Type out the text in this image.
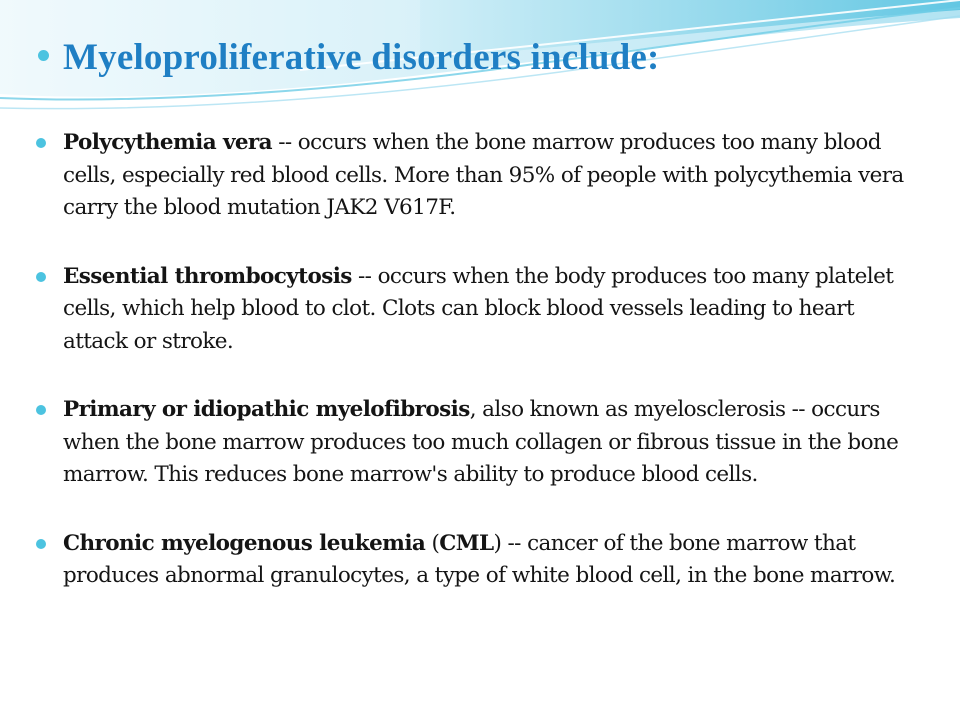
Myeloproliferative disorders include:
Polycythemia vera -- occurs when the bone marrow produces too many blood cells, especially red blood cells. More than 95% of people with polycythemia vera carry the blood mutation JAK2 V617F.
Essential thrombocytosis -- occurs when the body produces too many platelet cells, which help blood to clot. Clots can block blood vessels leading to heart attack or stroke.
Primary or idiopathic myelofibrosis, also known as myelosclerosis -- occurs when the bone marrow produces too much collagen or fibrous tissue in the bone marrow. This reduces bone marrow's ability to produce blood cells.
Chronic myelogenous leukemia (CML) -- cancer of the bone marrow that produces abnormal granulocytes, a type of white blood cell, in the bone marrow.
